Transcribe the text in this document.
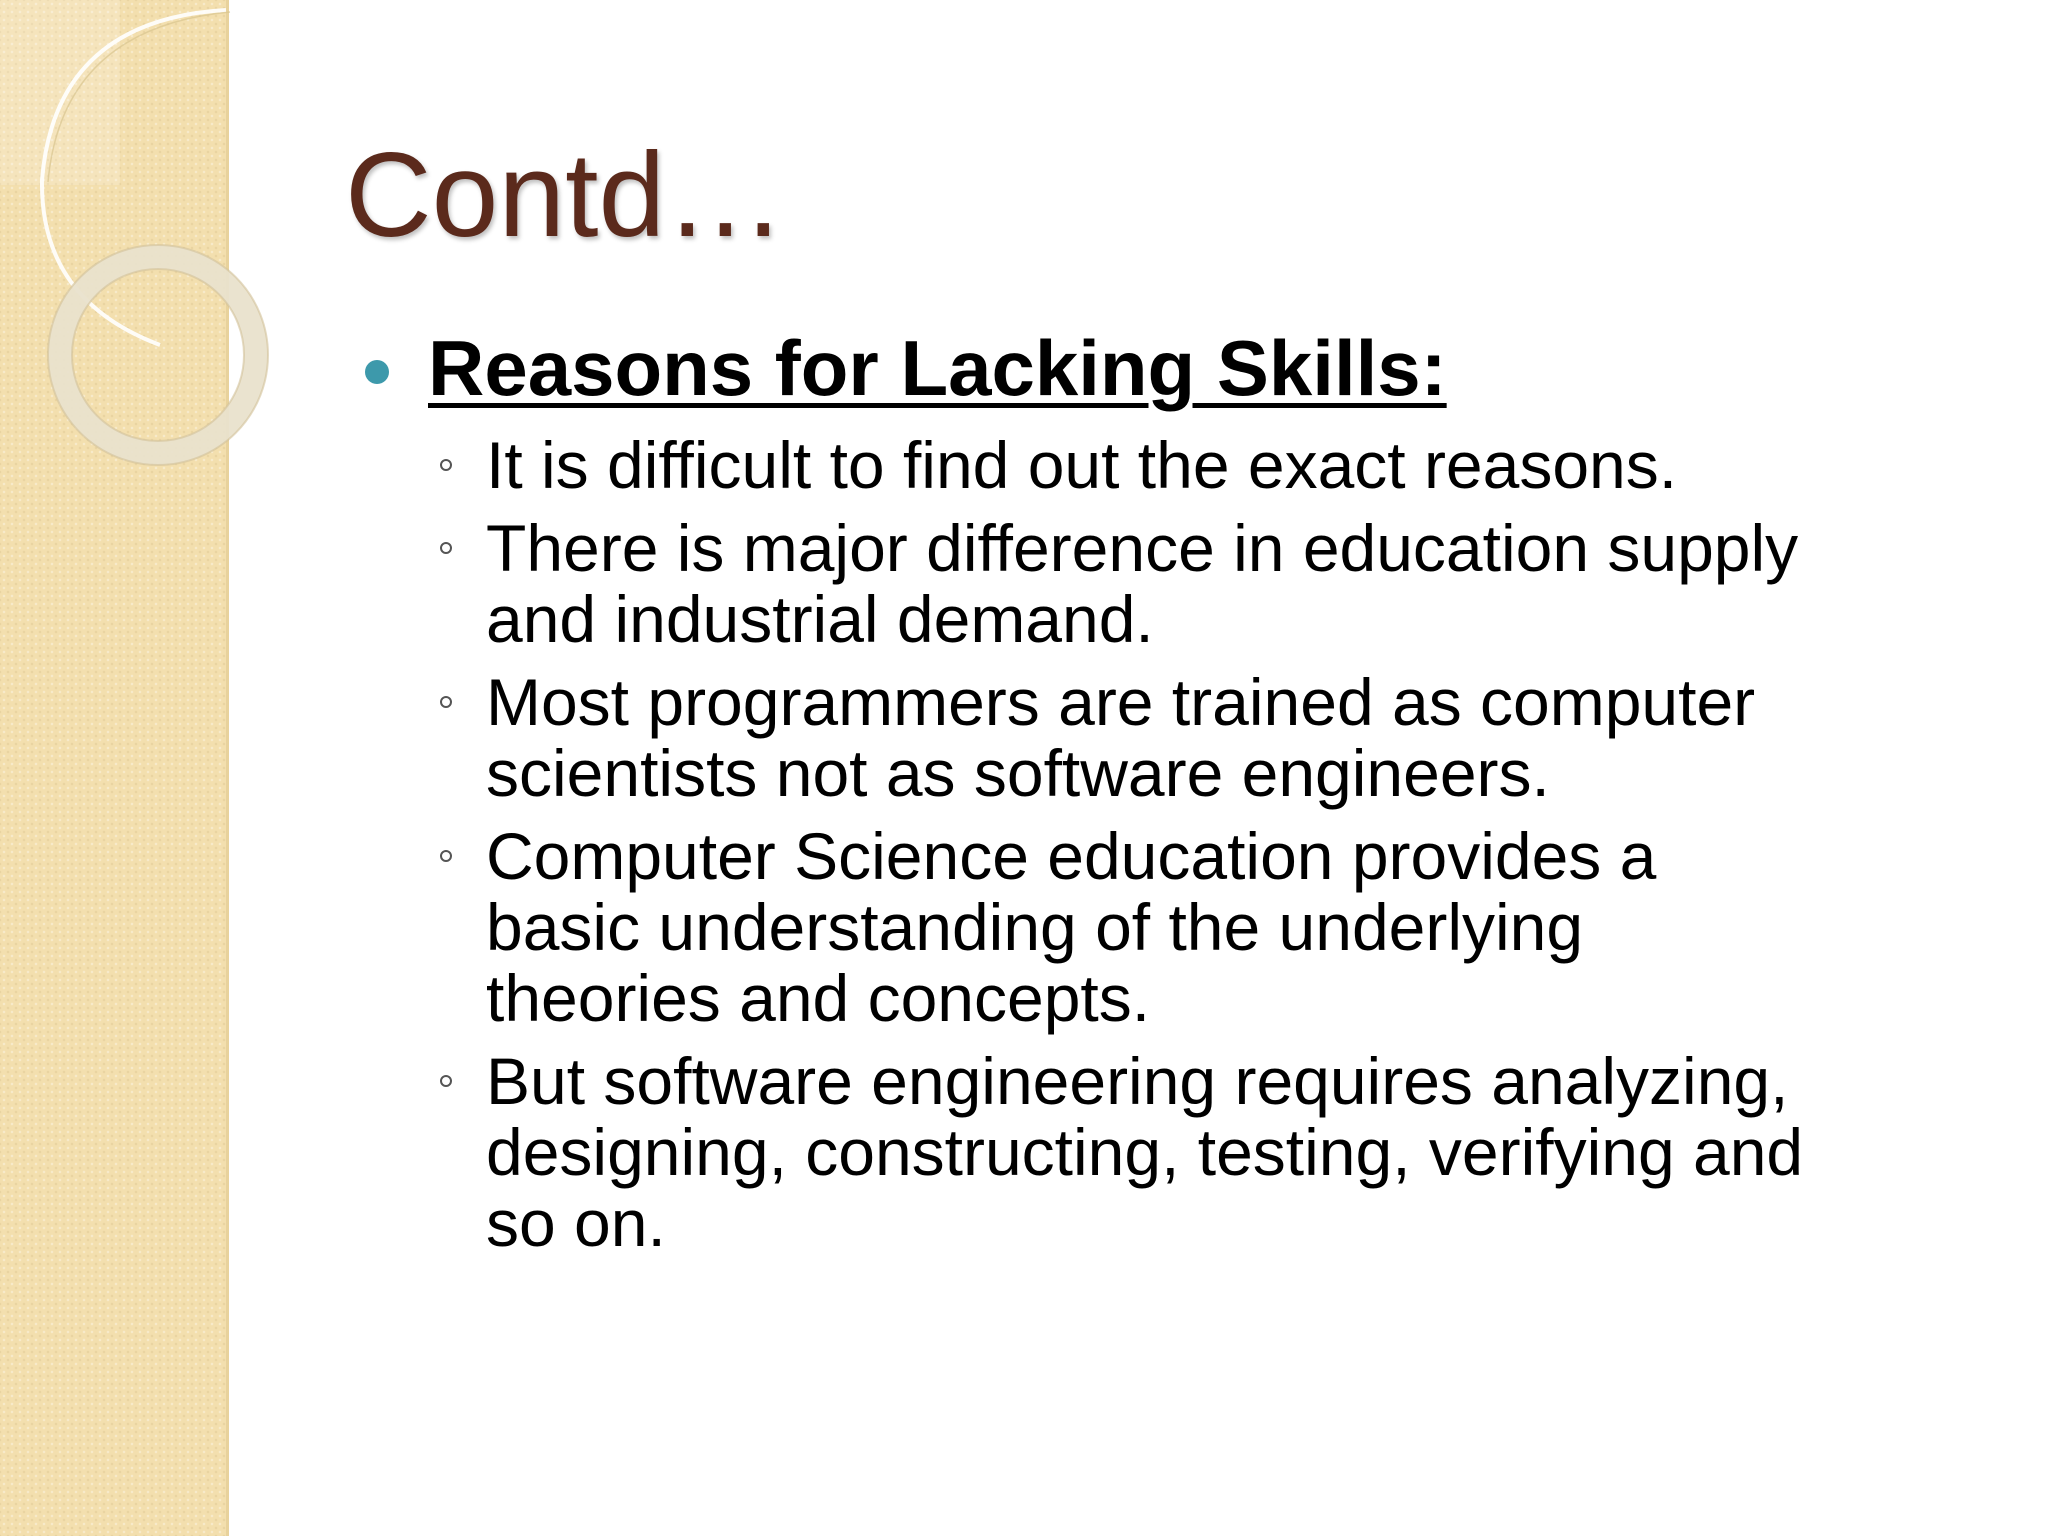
Contd…
Reasons for Lacking Skills:
It is difficult to find out the exact reasons.
There is major difference in education supply
and industrial demand.
Most programmers are trained as computer
scientists not as software engineers.
Computer Science education provides a
basic understanding of the underlying
theories and concepts.
But software engineering requires analyzing,
designing, constructing, testing, verifying and
so on.
